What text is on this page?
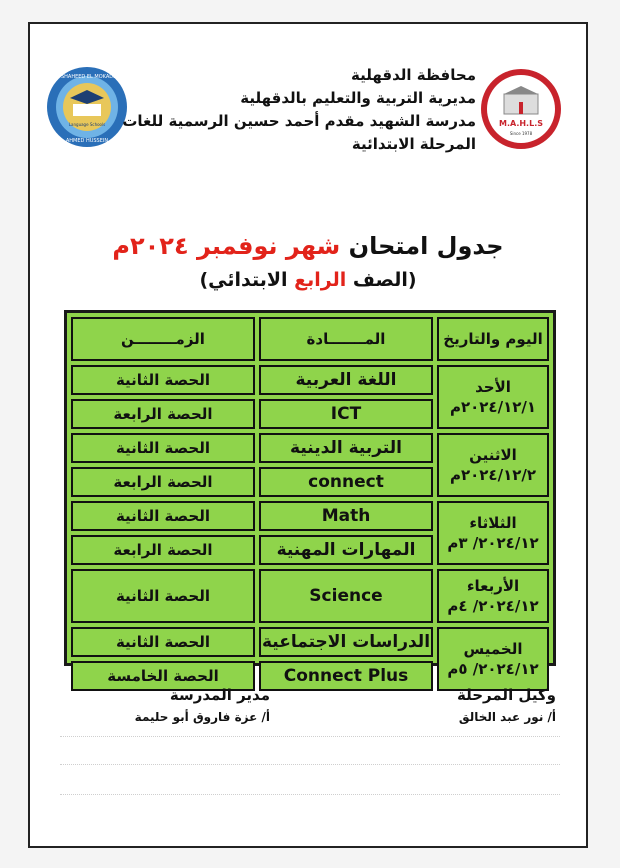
EL SHAHEED EL MOKADEM
Language Schools
AHMED HUSSEIN
M.A.H.L.S
Since 1978
محافظة الدقهلية
مديرية التربية والتعليم بالدقهلية
مدرسة الشهيد مقدم أحمد حسين الرسمية للغات
المرحلة الابتدائية
جدول امتحان شهر نوفمبر ٢٠٢٤م
(الصف الرابع الابتدائي)
اليوم والتاريخ	المـــــــادة	الزمــــــــن

الأحد
٢٠٢٤/١٢/١م	اللغة العربية	الحصة الثانية
	ICT	الحصة الرابعة

الاثنين
٢٠٢٤/١٢/٢م	التربية الدينية	الحصة الثانية
	connect	الحصة الرابعة

الثلاثاء
٢٠٢٤/١٢/ ٣م	Math	الحصة الثانية
	المهارات المهنية	الحصة الرابعة

الأربعاء
٢٠٢٤/١٢/ ٤م	Science	الحصة الثانية

الخميس
٢٠٢٤/١٢/ ٥م	الدراسات الاجتماعية	الحصة الثانية
	Connect Plus	الحصة الخامسة
وكيل المرحلة
أ/ نور عبد الخالق
مدير المدرسة
أ/ عزة فاروق أبو حليمة
